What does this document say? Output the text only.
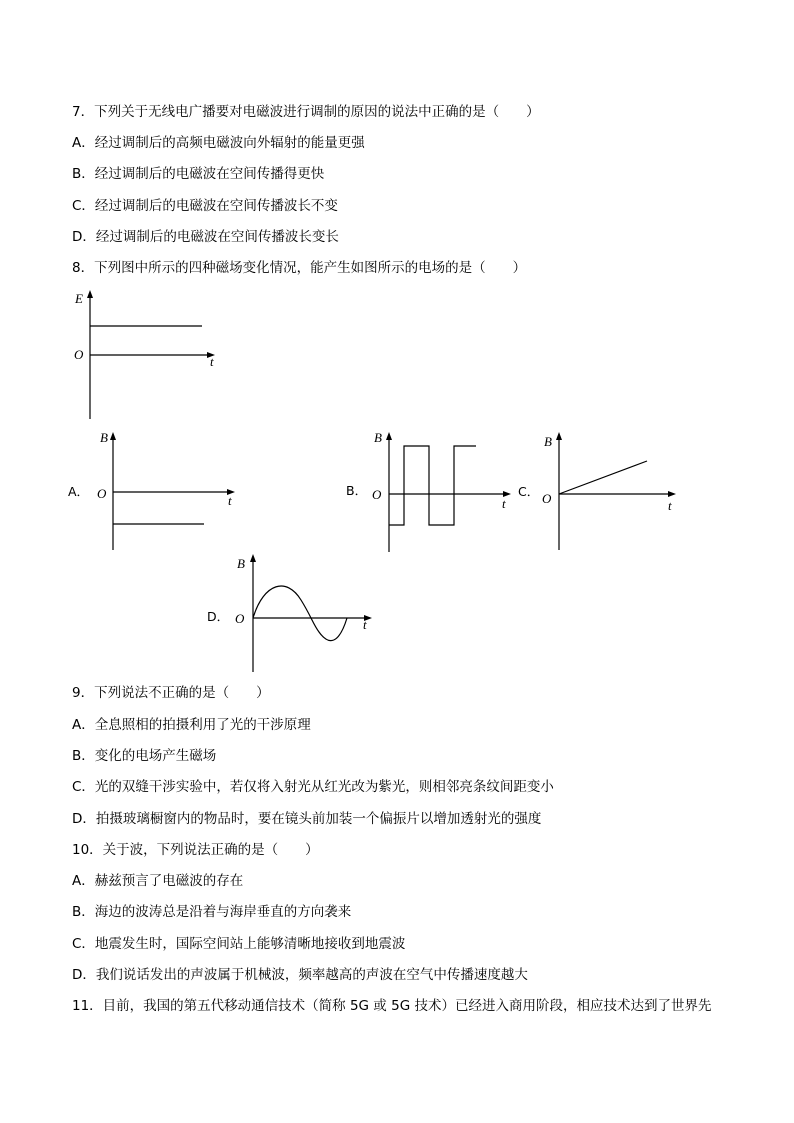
7．下列关于无线电广播要对电磁波进行调制的原因的说法中正确的是（　　）
A．经过调制后的高频电磁波向外辐射的能量更强
B．经过调制后的电磁波在空间传播得更快
C．经过调制后的电磁波在空间传播波长不变
D．经过调制后的电磁波在空间传播波长变长
8．下列图中所示的四种磁场变化情况，能产生如图所示的电场的是（　　）
E
O	t
A．
B
O	t
B．
B
O
t
C．
B
O	t
D．
B
O	t
9．下列说法不正确的是（　　）
A．全息照相的拍摄利用了光的干涉原理
B．变化的电场产生磁场
C．光的双缝干涉实验中，若仅将入射光从红光改为紫光，则相邻亮条纹间距变小
D．拍摄玻璃橱窗内的物品时，要在镜头前加装一个偏振片以增加透射光的强度
10．关于波，下列说法正确的是（　　）
A．赫兹预言了电磁波的存在
B．海边的波涛总是沿着与海岸垂直的方向袭来
C．地震发生时，国际空间站上能够清晰地接收到地震波
D．我们说话发出的声波属于机械波，频率越高的声波在空气中传播速度越大
11．目前，我国的第五代移动通信技术（简称 5G 或 5G 技术）已经进入商用阶段，相应技术达到了世界先
